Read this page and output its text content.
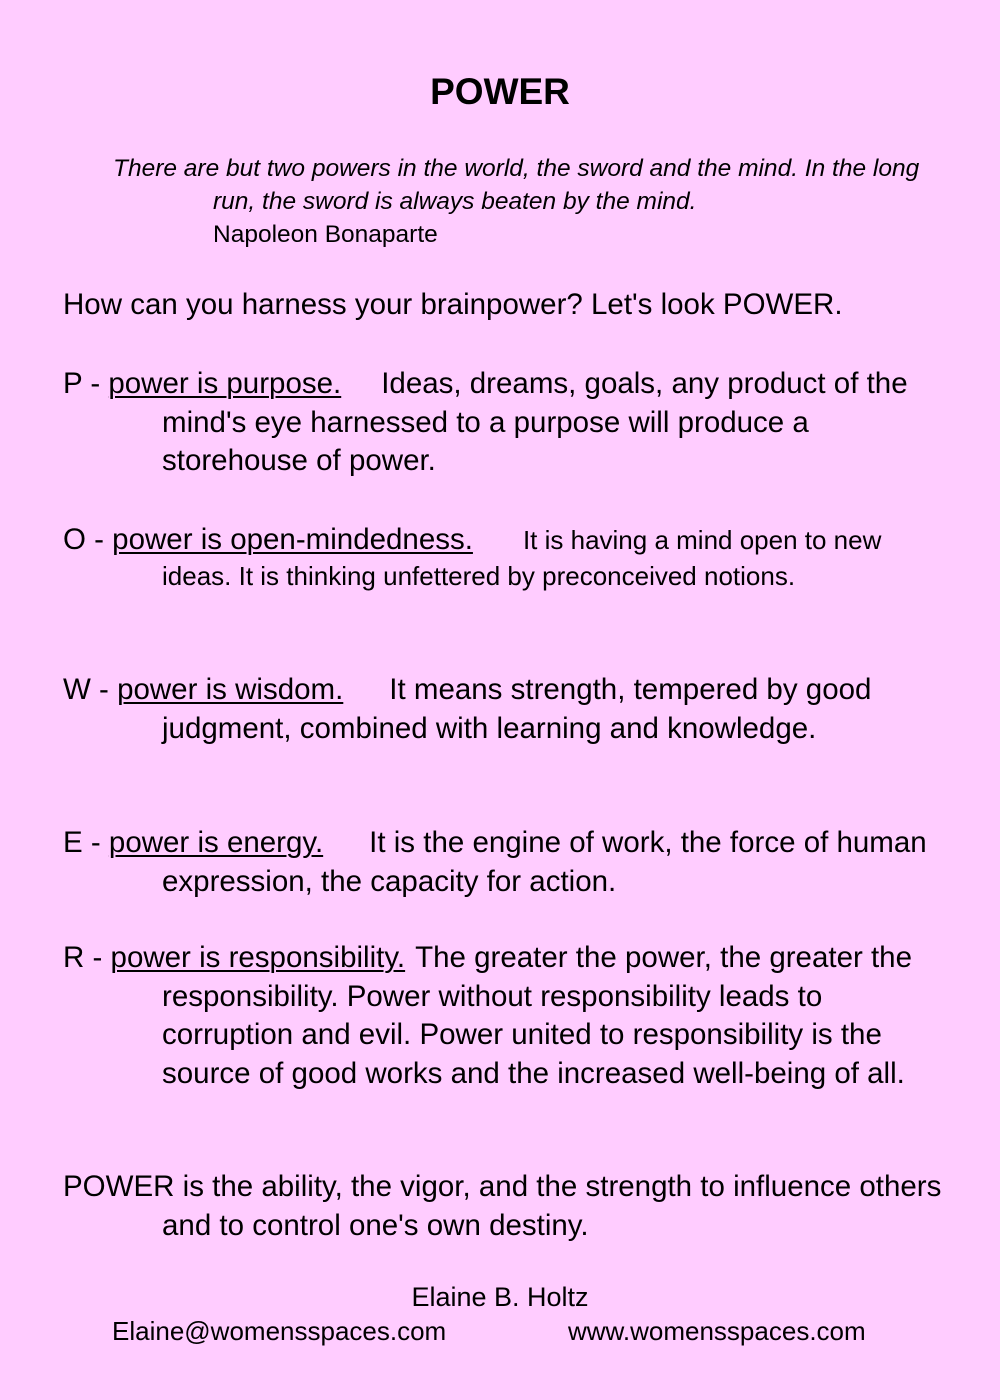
POWER
There are but two powers in the world, the sword and the mind. In the long run, the sword is always beaten by the mind.
Napoleon Bonaparte
How can you harness your brainpower? Let's look POWER.
P - power is purpose. Ideas, dreams, goals, any product of the mind's eye harnessed to a purpose will produce a storehouse of power.
O - power is open-mindedness. It is having a mind open to new ideas. It is thinking unfettered by preconceived notions.
W - power is wisdom. It means strength, tempered by good judgment, combined with learning and knowledge.
E - power is energy. It is the engine of work, the force of human expression, the capacity for action.
R - power is responsibility. The greater the power, the greater the responsibility. Power without responsibility leads to corruption and evil. Power united to responsibility is the source of good works and the increased well-being of all.
POWER is the ability, the vigor, and the strength to influence others and to control one's own destiny.
Elaine B. Holtz
Elaine@womensspaces.com	www.womensspaces.com
